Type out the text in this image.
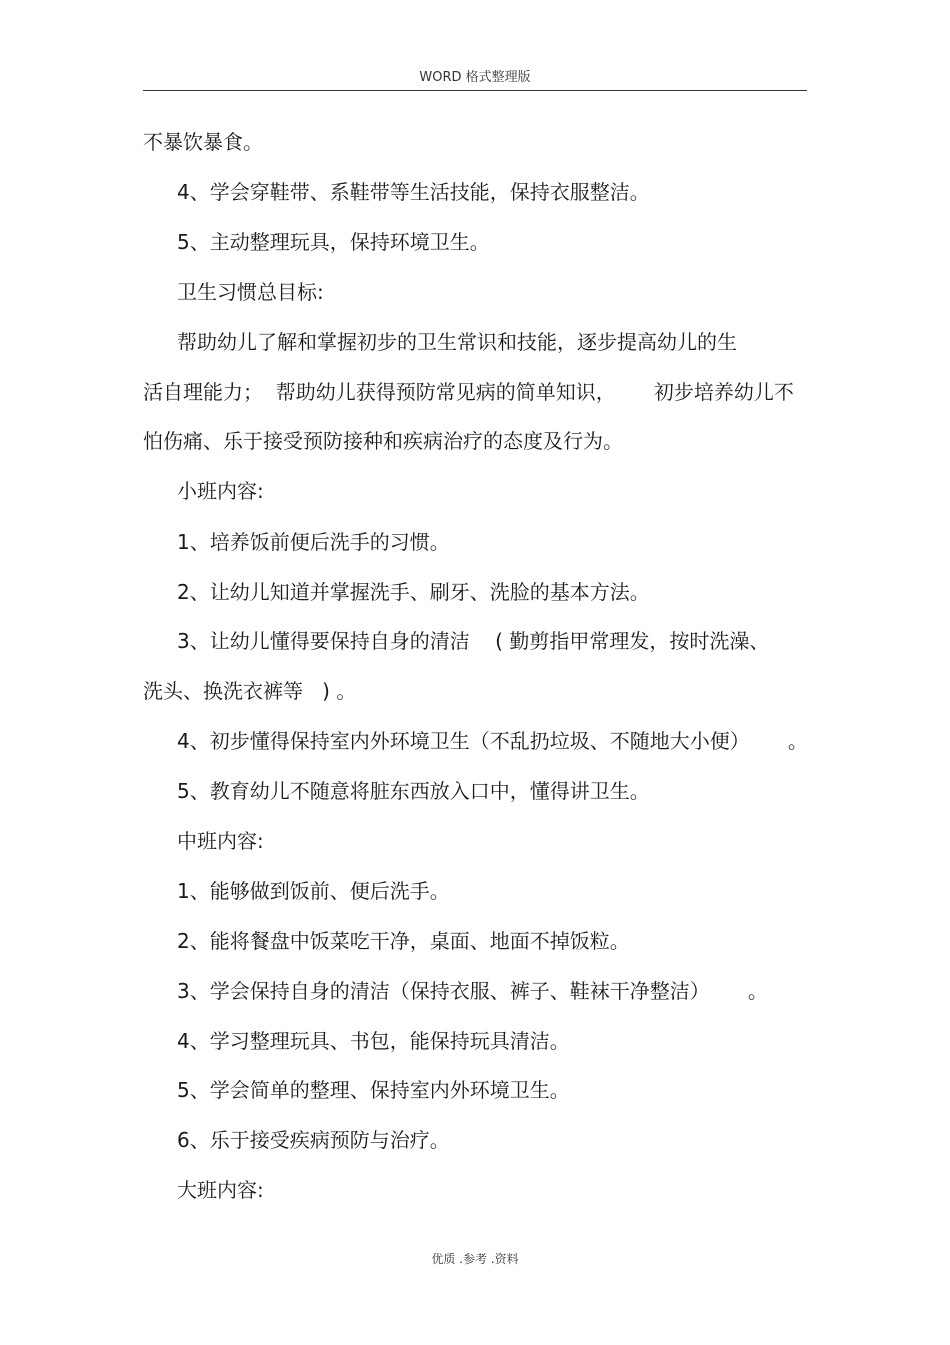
WORD 格式整理版
不暴饮暴食。
4、学会穿鞋带、系鞋带等生活技能，保持衣服整洁。
5、主动整理玩具，保持环境卫生。
卫生习惯总目标:
帮助幼儿了解和掌握初步的卫生常识和技能，逐步提高幼儿的生
活自理能力；  帮助幼儿获得预防常见病的简单知识，      初步培养幼儿不
怕伤痛、乐于接受预防接种和疾病治疗的态度及行为。
小班内容:
1、培养饭前便后洗手的习惯。
2、让幼儿知道并掌握洗手、刷牙、洗脸的基本方法。
3、让幼儿懂得要保持自身的清洁    ( 勤剪指甲常理发，按时洗澡、
洗头、换洗衣裤等   ) 。
4、初步懂得保持室内外环境卫生（不乱扔垃圾、不随地大小便）      。
5、教育幼儿不随意将脏东西放入口中，懂得讲卫生。
中班内容:
1、能够做到饭前、便后洗手。
2、能将餐盘中饭菜吃干净，桌面、地面不掉饭粒。
3、学会保持自身的清洁（保持衣服、裤子、鞋袜干净整洁）      。
4、学习整理玩具、书包，能保持玩具清洁。
5、学会简单的整理、保持室内外环境卫生。
6、乐于接受疾病预防与治疗。
大班内容:
优质 .参考 .资料
